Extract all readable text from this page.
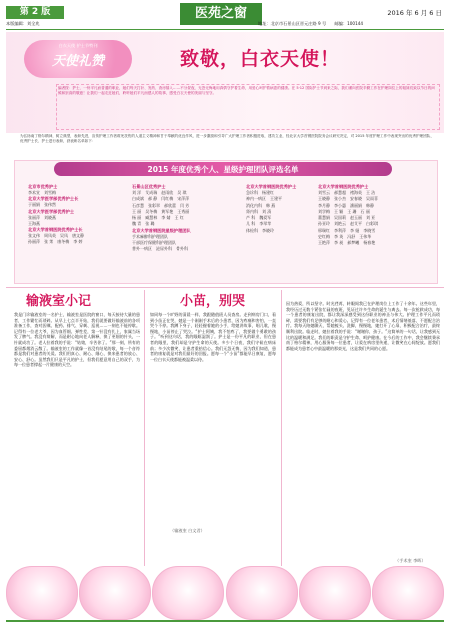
第 2 版	医苑之窗	2016 年 6 月 6 日
本版编辑：刘全兆	地址：北京市石景山区晋元庄路 9 号　　邮编：100144
白衣天使 护士节特刊
天使礼赞	致敬，白衣天使！
编者按：护士，一份平凡而普通的职业，她们每天打针、发药、查房插入……不分昼夜，无怨无悔地用真情守护着生命，用爱心呵护着病患的健康。在 5·12 国际护士节到来之际，我们谨向医院辛勤工作在护理岗位上的姐妹们致以节日的问候和崇高的敬意！让我们一起走近她们，聆听她们平凡而感人的故事，感受白衣天使的美丽与坚守。
为弘扬南丁格尔精神，树立典型，表彰先进，宣传护理工作者救死扶伤的人道主义精神和甘于奉献的优良作风，进一步激励和引导广大护理工作者积极进取，建功立业，经北京大学首钢医院院务会议研究决定，对 2015 年度护理工作中表现突出的优秀护理团队、优秀护士长、护士进行表彰，获表彰名单如下：
2015 年度优秀个人、星级护理团队评选名单
北京市优秀护士
李术宣　刘雪梅
北京大学医学部优秀护士长
于丽娟　张伟然
北京大学医学部优秀护士
张丽萍　刘晓燕
王海燕
北京大学首钢医院优秀护士长
张文伟　周凤英　吴凤　唐文静
孙丽萍　张 茉　康冬梅　李 婷
石景山区优秀护士
刘 洋　艾成瑞　赵雨欣　吴 琪
白成斌　郝 静　闫红梅　宋萍萍
石彦慧　张彩翠　郝欣蕾　闫 芳
王 丽　吴冬梅　黄军艳　王秀丽
杨 丽　臧慧林　李 婧　王 红
魏 青　张 璐
北京大学首钢医院星级护理团队
手术麻醉科护理团队
干部医疗保健科护理团队
普外一病区　泌尿外科　骨外科
北京大学首钢医院优秀护士
急诊科　杨建红
神内一病区　王建平
消化内科　韩 燕
肾内科　刘 清
产 科　魏爱军
儿 科　李翠苹
体检科　李晓玲
北京大学首钢医院优秀护士
刘雪云　郝慧超　褚海英　王 洁
王晓静　张小杰　安春晓　吴雨菲
李月静　李小惠　潘丽娟　韩静
刘学梅　王 颖　王 珊　石 丽
董慧娟　吴国莉　赵玉丽　刘 亚
孙亚玲　刘艳云　赵艾平　白彩琪
邢瑞红　李利萍　李 娅　李晓雪
史红梅　李 英　冯舒　王伟华
王艳萍　李 昶　郝梦曦　杨春艳
输液室小记	小苗，别哭
我是门诊输液室的一名护士，输液室是医院的窗口，每天接待大量的患者，工作繁忙而琐碎。从早上七点半开始，我们就要做好输液前的各项准备工作，查对医嘱、配药、排气、穿刺、巡视……一刻也不能停歇。记得有一位老大爷，因为血管细、弹性差，第一针没有扎上，家属当场发了脾气。我没有辩解，而是耐心地向老人解释，换了更细的针头，一针就成功了。老人拉着我的手说：“姑娘，辛苦你了。”那一刻，所有的委屈都烟消云散了。输液室的工作就像一首没有结尾的歌，每一个音符都是我们对患者的关爱。我们用真心、耐心、细心，换来患者的放心、安心、舒心。虽然我们只是平凡的护士，但我们愿意用自己的双手，为每一位患者撑起一片健康的天空。
如同每一个旷野的清晨一样，我跟随值班人员查房。走到病房门口，看到小苗正在哭，她是一个刚刚手术后的小患者，因为疼痛和害怕，一直哭个不停。我蹲下身子，轻轻握着她的小手，给她讲故事，唱儿歌，慢慢地，小苗停止了哭泣。“护士阿姨，我不怕疼了，我要做个勇敢的孩子。”听到这句话，我的眼眶湿润了。护士是一份平凡的职业，但在患者的眼里，我们却是守护生命的天使。多少个日夜，我们守候在病床前；多少次微笑，让患者重拾信心。我们无怨无悔，因为我们知道，患者的康复就是对我们最好的回报。愿每一个“小苗”都能早日康复，愿每一位白衣天使都能被温柔以待。
（输液室 白文君）
因为热爱，所以坚守。时光荏苒，转眼间我已在护理岗位上工作了十余年。这些年里，我经历过无数个紧张忙碌的夜班，见证过许多生命的诞生与离去。每一次抢救成功，每一个患者的康复出院，都让我深深感受到这份职业的神圣与伟大。护理工作平凡而琐碎，需要我们有足够的耐心和爱心。记得有一位老年患者，术后情绪低落，不愿配合治疗。我每天陪她聊天，帮她梳头、洗脚，慢慢地，她打开了心扉，积极配合治疗，最终顺利出院。临走时，她拉着我的手说：“谢谢你，孩子。”这简单的一句话，让我感到无比的温暖和满足。我们的职责是守护生命、呵护健康。在今后的工作中，我会继续秉承南丁格尔精神，用心服务每一位患者，让爱在病房里传递，让微笑在心间绽放。愿我们都能成为患者心中最温暖的那束光，这是我们共同的心愿。
（手术室 李晖）
